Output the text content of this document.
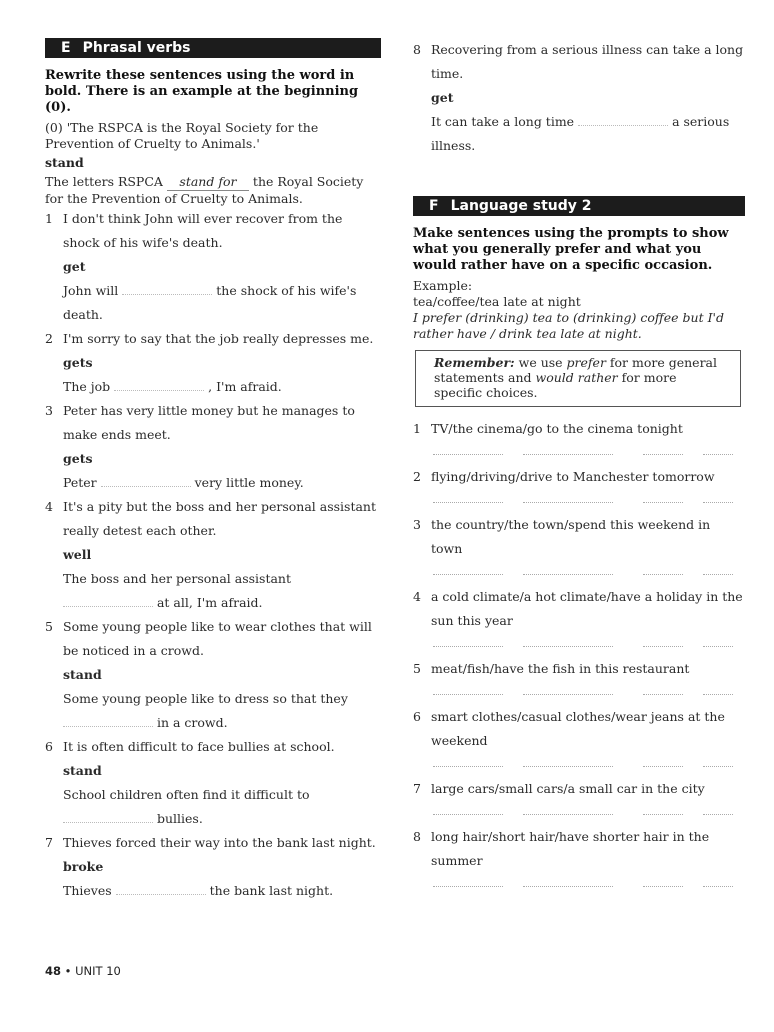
E Phrasal verbs

Rewrite these sentences using the word in bold. There is an example at the beginning (0).

(0) 'The RSPCA is the Royal Society for the Prevention of Cruelty to Animals.'

stand

The letters RSPCA stand for the Royal Society for the Prevention of Cruelty to Animals.

1 I don't think John will ever recover from the shock of his wife's death.
get
John will	the shock of his wife's death.
2 I'm sorry to say that the job really depresses me.
gets
The job	, I'm afraid.
3 Peter has very little money but he manages to make ends meet.
gets
Peter	very little money.
4 It's a pity but the boss and her personal assistant really detest each other.
well
The boss and her personal assistant  at all, I'm afraid.
5 Some young people like to wear clothes that will be noticed in a crowd.
stand
Some young people like to dress so that they  in a crowd.
6 It is often difficult to face bullies at school.
stand
School children often find it difficult to  bullies.
7 Thieves forced their way into the bank last night.
broke
Thieves	the bank last night.
8 Recovering from a serious illness can take a long time.
get
It can take a long time	a serious illness.
F Language study 2

Make sentences using the prompts to show what you generally prefer and what you would rather have on a specific occasion.

Example:

tea/coffee/tea late at night

I prefer (drinking) tea to (drinking) coffee but I'd rather have / drink tea late at night.

Remember: we use prefer for more general statements and would rather for more specific choices.
1 TV/the cinema/go to the cinema tonight
2 flying/driving/drive to Manchester tomorrow
3 the country/the town/spend this weekend in town
4 a cold climate/a hot climate/have a holiday in the sun this year
5 meat/fish/have the fish in this restaurant
6 smart clothes/casual clothes/wear jeans at the weekend
7 large cars/small cars/a small car in the city
8 long hair/short hair/have shorter hair in the summer
48 • UNIT 10
